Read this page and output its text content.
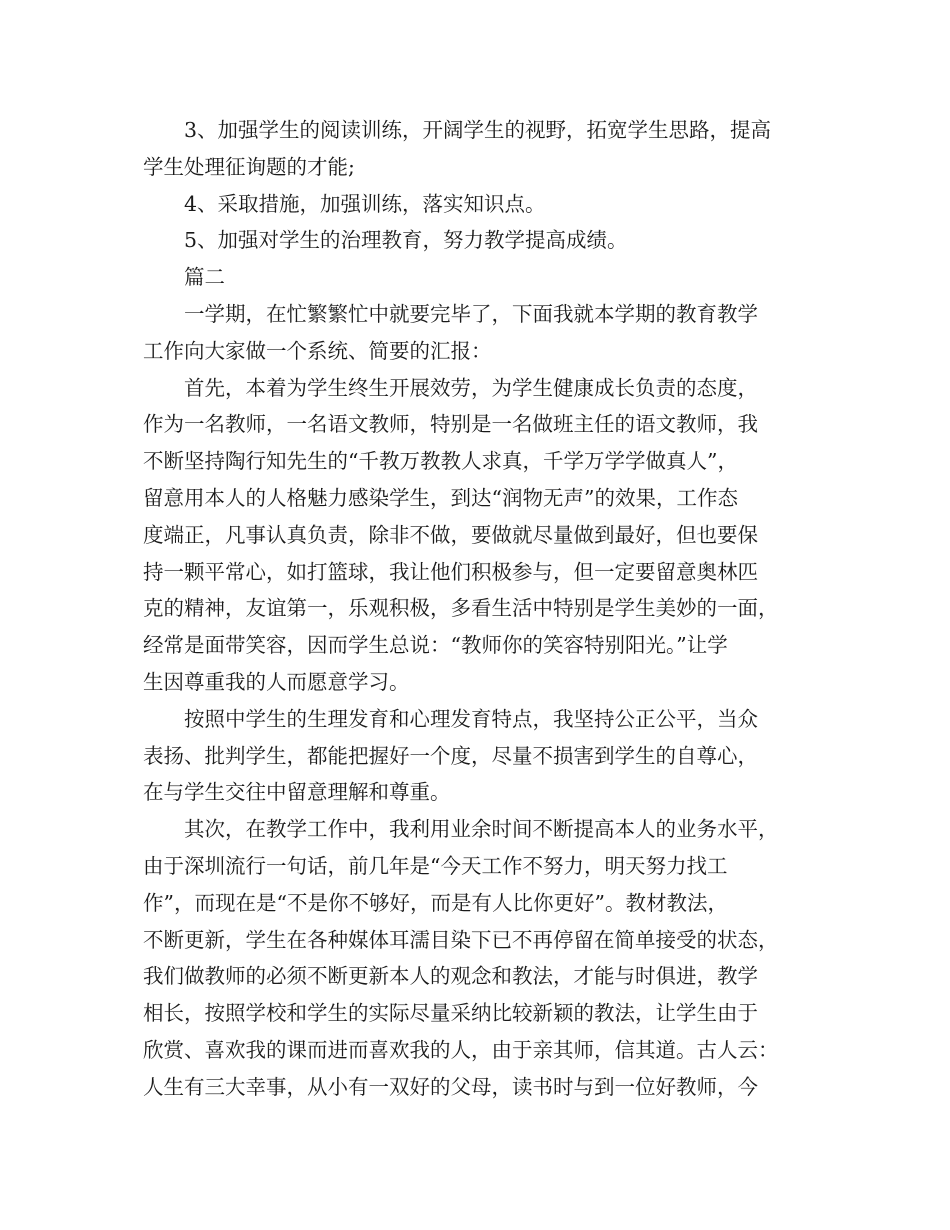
3、加强学生的阅读训练，开阔学生的视野，拓宽学生思路，提高
学生处理征询题的才能;
4、采取措施，加强训练，落实知识点。
5、加强对学生的治理教育，努力教学提高成绩。
篇二
一学期，在忙繁繁忙中就要完毕了，下面我就本学期的教育教学
工作向大家做一个系统、简要的汇报：
首先，本着为学生终生开展效劳，为学生健康成长负责的态度，
作为一名教师，一名语文教师，特别是一名做班主任的语文教师，我
不断坚持陶行知先生的“千教万教教人求真，千学万学学做真人”，
留意用本人的人格魅力感染学生，到达“润物无声”的效果，工作态
度端正，凡事认真负责，除非不做，要做就尽量做到最好，但也要保
持一颗平常心，如打篮球，我让他们积极参与，但一定要留意奥林匹
克的精神，友谊第一，乐观积极，多看生活中特别是学生美妙的一面，
经常是面带笑容，因而学生总说：“教师你的笑容特别阳光。”让学
生因尊重我的人而愿意学习。
按照中学生的生理发育和心理发育特点，我坚持公正公平，当众
表扬、批判学生，都能把握好一个度，尽量不损害到学生的自尊心，
在与学生交往中留意理解和尊重。
其次，在教学工作中，我利用业余时间不断提高本人的业务水平，
由于深圳流行一句话，前几年是“今天工作不努力，明天努力找工
作”，而现在是“不是你不够好，而是有人比你更好”。教材教法，
不断更新，学生在各种媒体耳濡目染下已不再停留在简单接受的状态，
我们做教师的必须不断更新本人的观念和教法，才能与时俱进，教学
相长，按照学校和学生的实际尽量采纳比较新颖的教法，让学生由于
欣赏、喜欢我的课而进而喜欢我的人，由于亲其师，信其道。古人云：
人生有三大幸事，从小有一双好的父母，读书时与到一位好教师，今
